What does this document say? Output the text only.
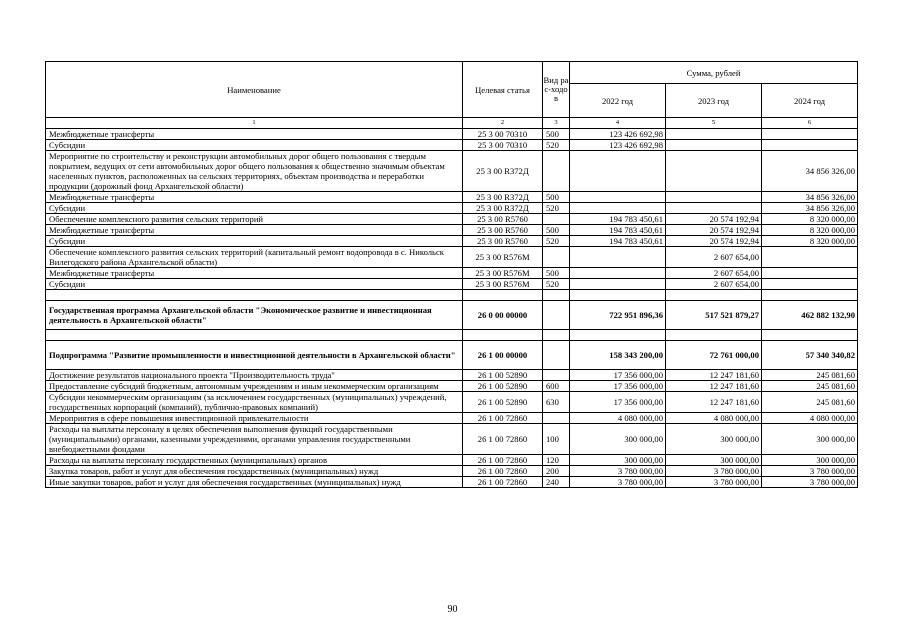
Наименование	Целевая статья	Вид рас-ходов	Сумма, рублей		
			2022 год	2023 год	2024 год
1	2	3	4	5	6
Межбюджетные трансферты	25 3 00 70310	500	123 426 692,98		
Субсидии	25 3 00 70310	520	123 426 692,98		
Мероприятие по строительству и реконструкции автомобильных дорог общего пользования с твердым покрытием, ведущих от сети автомобильных дорог общего пользования к общественно значимым объектам населенных пунктов, расположенных на сельских территориях, объектам производства и переработки продукции (дорожный фонд Архангельской области)	25 3 00 R372Д				34 856 326,00
Межбюджетные трансферты	25 3 00 R372Д	500			34 856 326,00
Субсидии	25 3 00 R372Д	520			34 856 326,00
Обеспечение комплексного развития сельских территорий	25 3 00 R5760		194 783 450,61	20 574 192,94	8 320 000,00
Межбюджетные трансферты	25 3 00 R5760	500	194 783 450,61	20 574 192,94	8 320 000,00
Субсидии	25 3 00 R5760	520	194 783 450,61	20 574 192,94	8 320 000,00
Обеспечение комплексного развития сельских территорий (капитальный ремонт водопровода в с. Никольск Вилегодского района Архангельской области)	25 3 00 R576M			2 607 654,00	
Межбюджетные трансферты	25 3 00 R576M	500		2 607 654,00	
Субсидии	25 3 00 R576M	520		2 607 654,00	

Государственная программа Архангельской области "Экономическое развитие и инвестиционная деятельность в Архангельской области"	26 0 00 00000		722 951 896,36	517 521 879,27	462 882 132,90

Подпрограмма "Развитие промышленности и инвестиционной деятельности в Архангельской области"	26 1 00 00000		158 343 200,00	72 761 000,00	57 340 340,82
Достижение результатов национального проекта "Производительность труда"	26 1 00 52890		17 356 000,00	12 247 181,60	245 081,60
Предоставление субсидий бюджетным, автономным учреждениям и иным некоммерческим организациям	26 1 00 52890	600	17 356 000,00	12 247 181,60	245 081,60
Субсидии некоммерческим организациям (за исключением государственных (муниципальных) учреждений, государственных корпораций (компаний), публично-правовых компаний)	26 1 00 52890	630	17 356 000,00	12 247 181,60	245 081,60
Мероприятия в сфере повышения инвестиционной привлекательности	26 1 00 72860		4 080 000,00	4 080 000,00	4 080 000,00
Расходы на выплаты персоналу в целях обеспечения выполнения функций государственными (муниципальными) органами, казенными учреждениями, органами управления государственными внебюджетными фондами	26 1 00 72860	100	300 000,00	300 000,00	300 000,00
Расходы на выплаты персоналу государственных (муниципальных) органов	26 1 00 72860	120	300 000,00	300 000,00	300 000,00
Закупка товаров, работ и услуг для обеспечения государственных (муниципальных) нужд	26 1 00 72860	200	3 780 000,00	3 780 000,00	3 780 000,00
Иные закупки товаров, работ и услуг для обеспечения государственных (муниципальных) нужд	26 1 00 72860	240	3 780 000,00	3 780 000,00	3 780 000,00
90
